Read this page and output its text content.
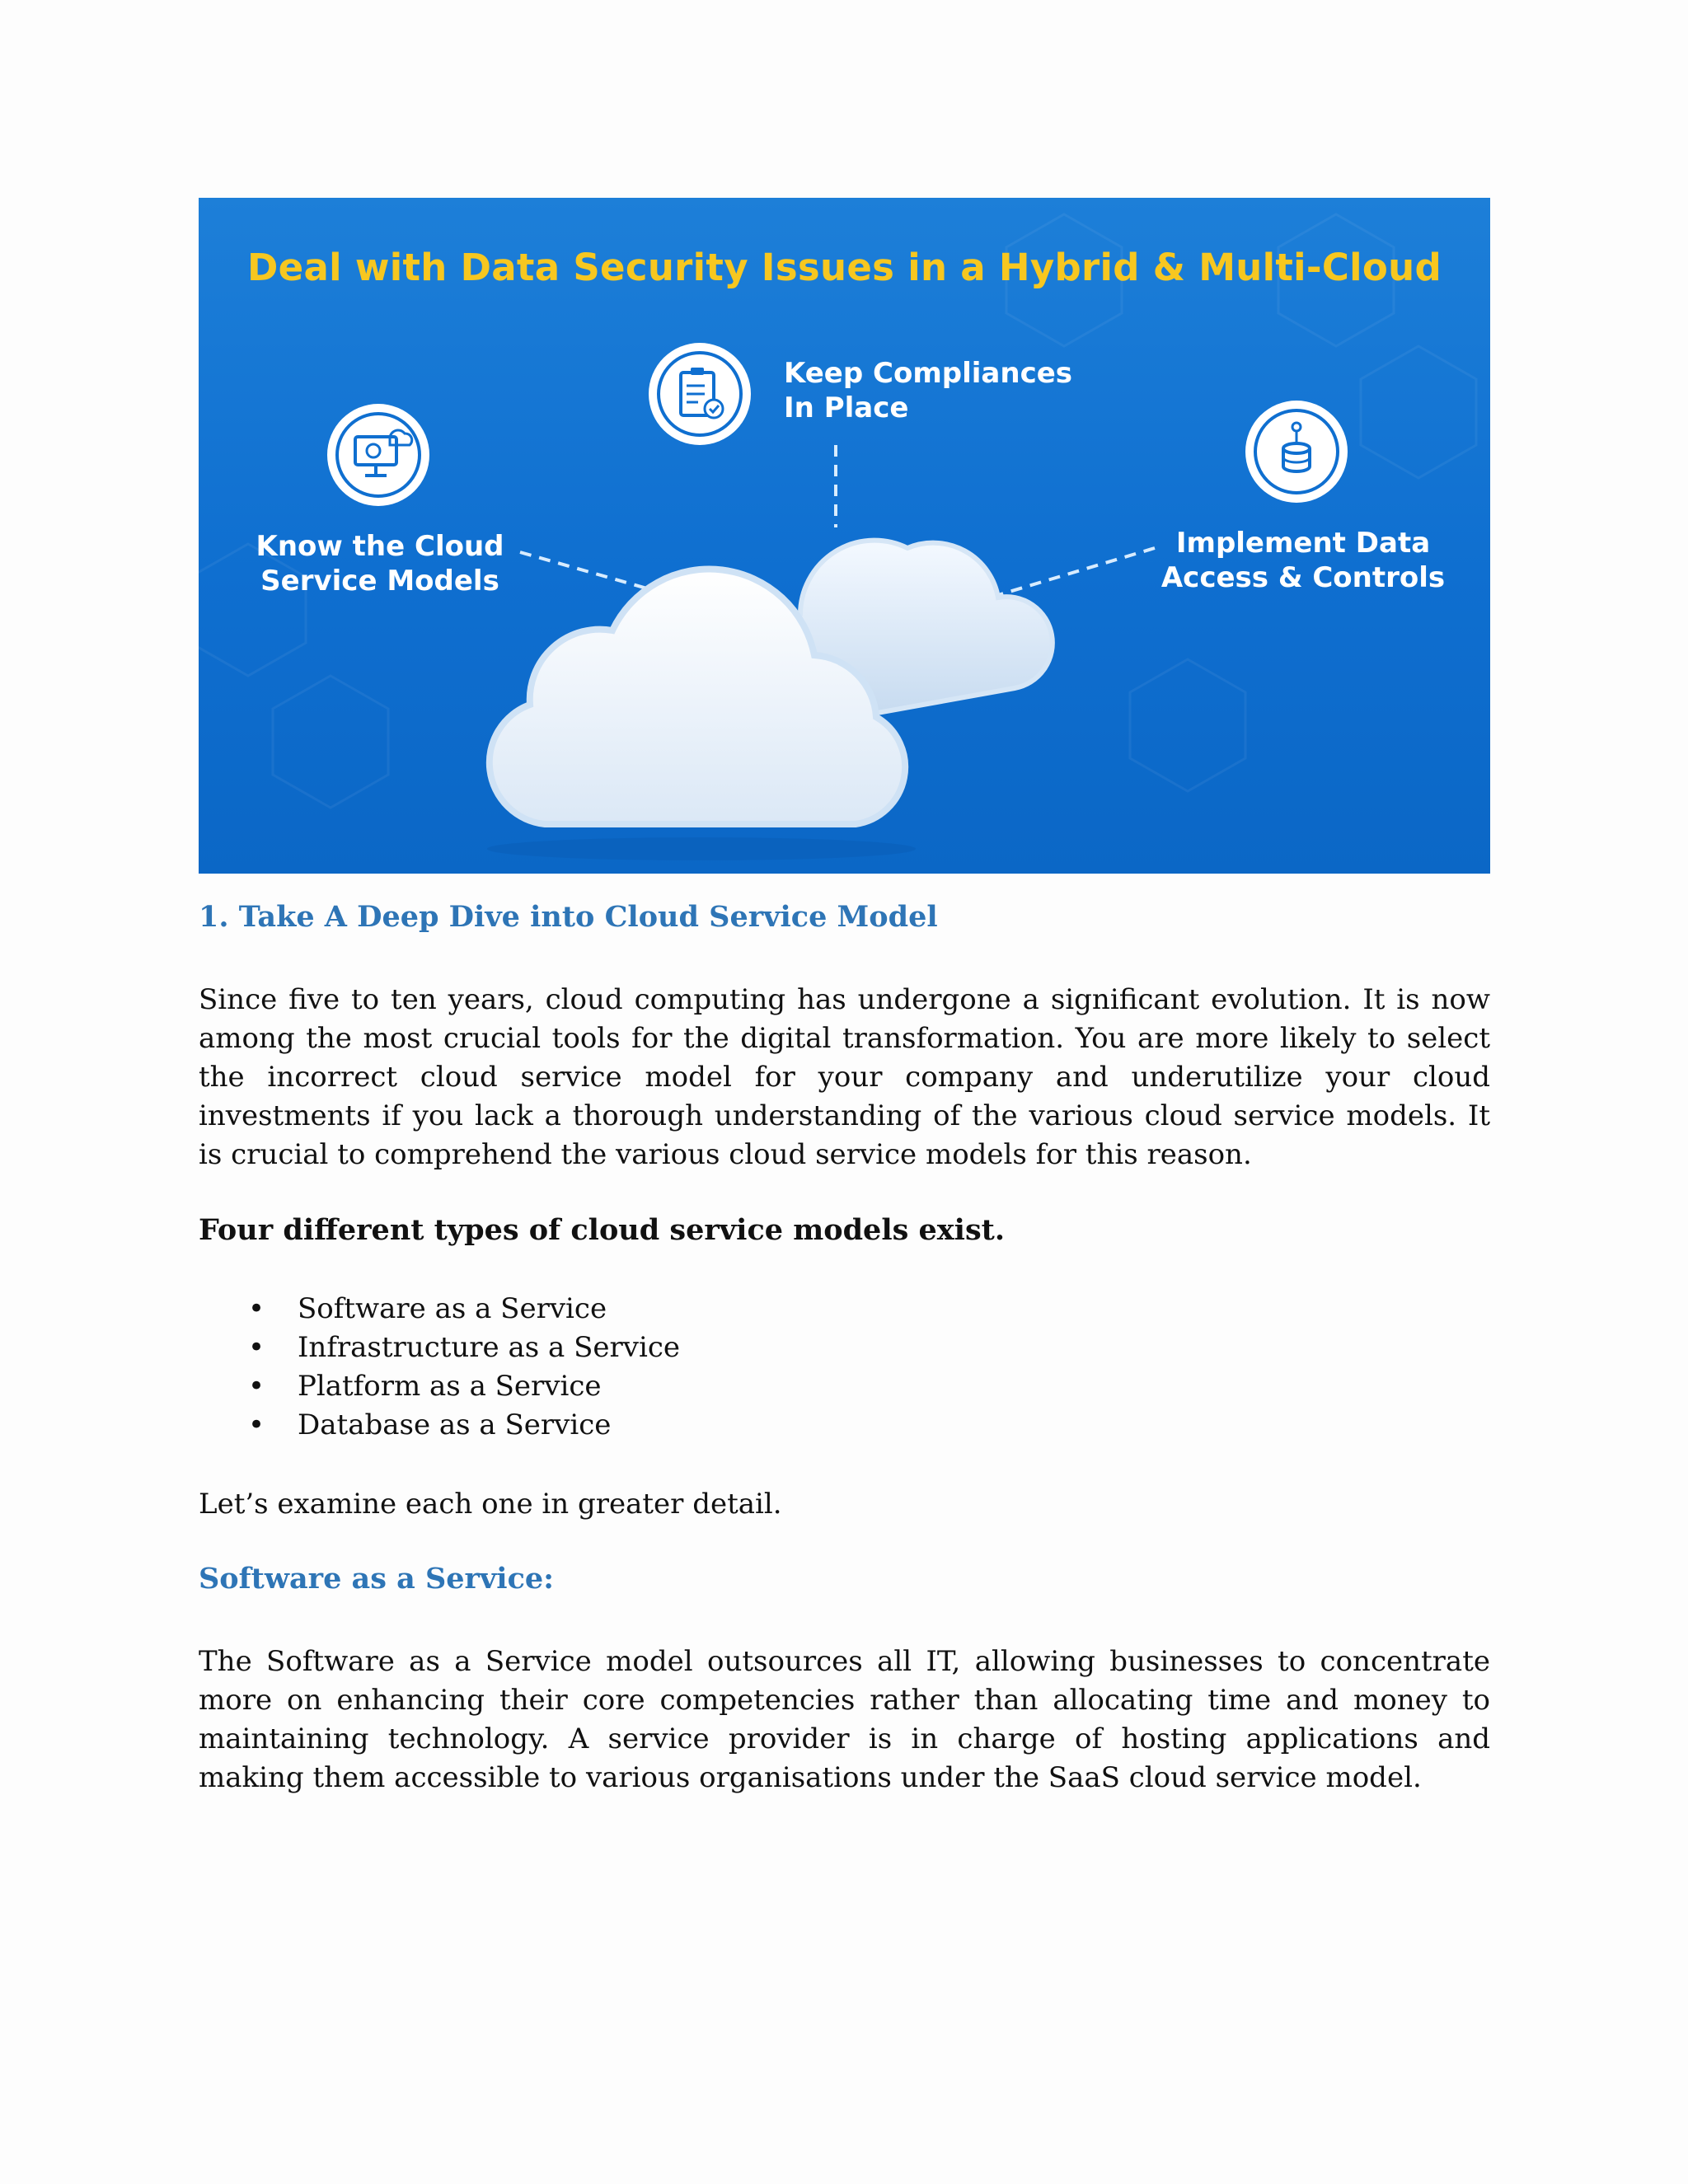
Deal with Data Security Issues in a Hybrid & Multi-Cloud
Know the Cloud
Service Models
Keep Compliances
In Place
Implement Data
Access & Controls
1. Take A Deep Dive into Cloud Service Model

Since five to ten years, cloud computing has undergone a significant evolution. It is now among the most crucial tools for the digital transformation. You are more likely to select the incorrect cloud service model for your company and underutilize your cloud investments if you lack a thorough understanding of the various cloud service models. It is crucial to comprehend the various cloud service models for this reason.

Four different types of cloud service models exist.
• Software as a Service
• Infrastructure as a Service
• Platform as a Service
• Database as a Service
Let’s examine each one in greater detail.
Software as a Service:

The Software as a Service model outsources all IT, allowing businesses to concentrate more on enhancing their core competencies rather than allocating time and money to maintaining technology. A service provider is in charge of hosting applications and making them accessible to various organisations under the SaaS cloud service model.
